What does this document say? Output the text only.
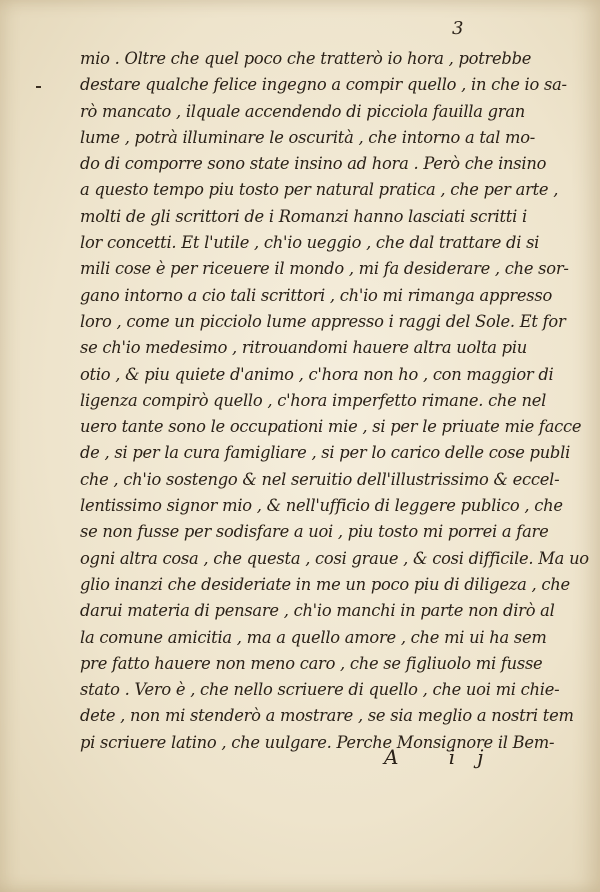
3
mio . Oltre che quel poco che tratterò io hora , potrebbe
destare qualche felice ingegno a compir quello , in che io sa-
rò mancato , ilquale accendendo di picciola fauilla gran
lume , potrà illuminare le oscurità , che intorno a tal mo-
do di comporre sono state insino ad hora . Però che insino
a questo tempo piu tosto per natural pratica , che per arte ,
molti de gli scrittori de i Romanzi hanno lasciati scritti i
lor concetti. Et l'utile , ch'io ueggio , che dal trattare di si
mili cose è per riceuere il mondo , mi fa desiderare , che sor-
gano intorno a cio tali scrittori , ch'io mi rimanga appresso
loro , come un picciolo lume appresso i raggi del Sole. Et for
se ch'io medesimo , ritrouandomi hauere altra uolta piu
otio , & piu quiete d'animo , c'hora non ho , con maggior di
ligenza compirò quello , c'hora imperfetto rimane. che nel
uero tante sono le occupationi mie , si per le priuate mie facce
de , si per la cura famigliare , si per lo carico delle cose publi
che , ch'io sostengo & nel seruitio dell'illustrissimo & eccel-
lentissimo signor mio , & nell'ufficio di leggere publico , che
se non fusse per sodisfare a uoi , piu tosto mi porrei a fare
ogni altra cosa , che questa , cosi graue , & cosi difficile. Ma uo
glio inanzi che desideriate in me un poco piu di diligeza , che
darui materia di pensare , ch'io manchi in parte non dirò al
la comune amicitia , ma a quello amore , che mi ui ha sem
pre fatto hauere non meno caro , che se figliuolo mi fusse
stato . Vero è , che nello scriuere di quello , che uoi mi chie-
dete , non mi stenderò a mostrare , se sia meglio a nostri tem
pi scriuere latino , che uulgare. Perche Monsignore il Bem-
A ij
